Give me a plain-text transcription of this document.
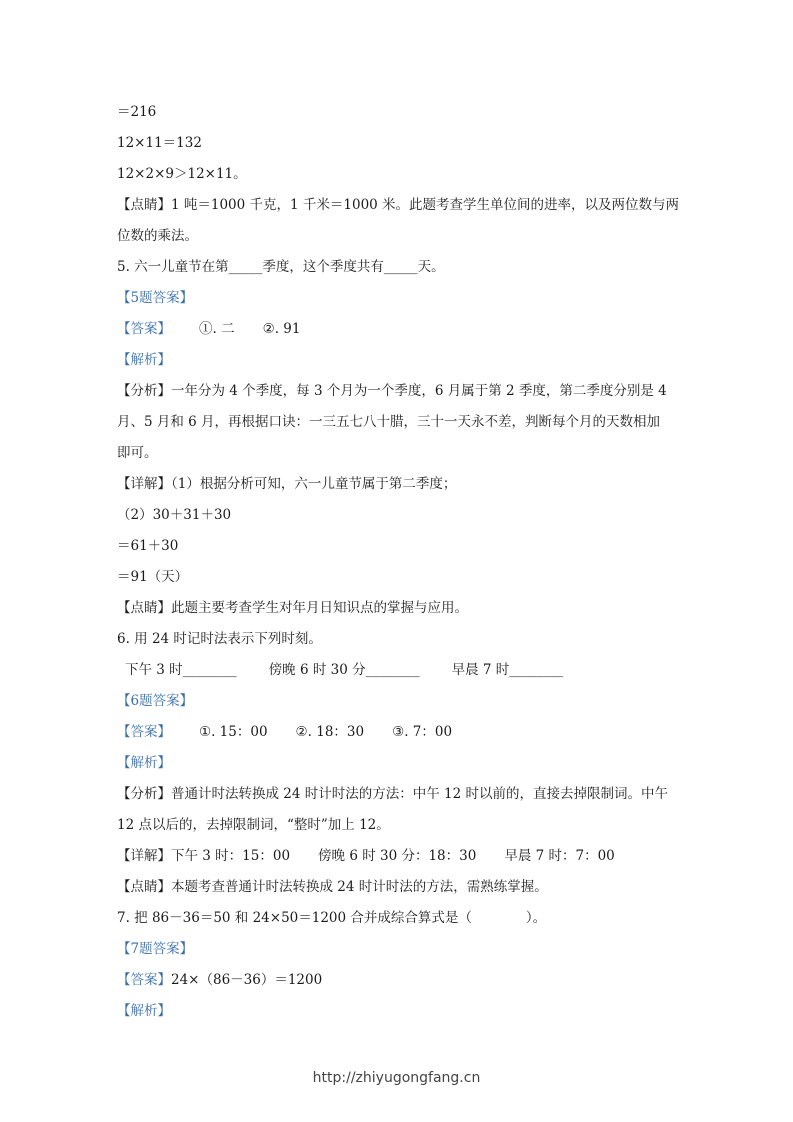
＝216
12×11＝132
12×2×9＞12×11。
【点睛】1 吨＝1000 千克，1 千米＝1000 米。此题考查学生单位间的进率，以及两位数与两
位数的乘法。
5. 六一儿童节在第_____季度，这个季度共有_____天。
【5题答案】
【答案】 ①. 二 ②. 91
【解析】
【分析】一年分为 4 个季度，每 3 个月为一个季度，6 月属于第 2 季度，第二季度分别是 4
月、5 月和 6 月，再根据口诀：一三五七八十腊，三十一天永不差，判断每个月的天数相加
即可。
【详解】（1）根据分析可知，六一儿童节属于第二季度；
（2）30＋31＋30
＝61＋30
＝91（天）
【点睛】此题主要考查学生对年月日知识点的掌握与应用。
6. 用 24 时记时法表示下列时刻。
下午 3 时________ 傍晚 6 时 30 分________ 早晨 7 时________
【6题答案】
【答案】 ①. 15：00 ②. 18：30 ③. 7：00
【解析】
【分析】普通计时法转换成 24 时计时法的方法：中午 12 时以前的，直接去掉限制词。中午
12 点以后的，去掉限制词，“整时”加上 12。
【详解】下午 3 时：15：00 傍晚 6 时 30 分：18：30 早晨 7 时：7：00
【点睛】本题考查普通计时法转换成 24 时计时法的方法，需熟练掌握。
7. 把 86－36＝50 和 24×50＝1200 合并成综合算式是（　　　　）。
【7题答案】
【答案】24×（86－36）＝1200
【解析】
http://zhiyugongfang.cn
